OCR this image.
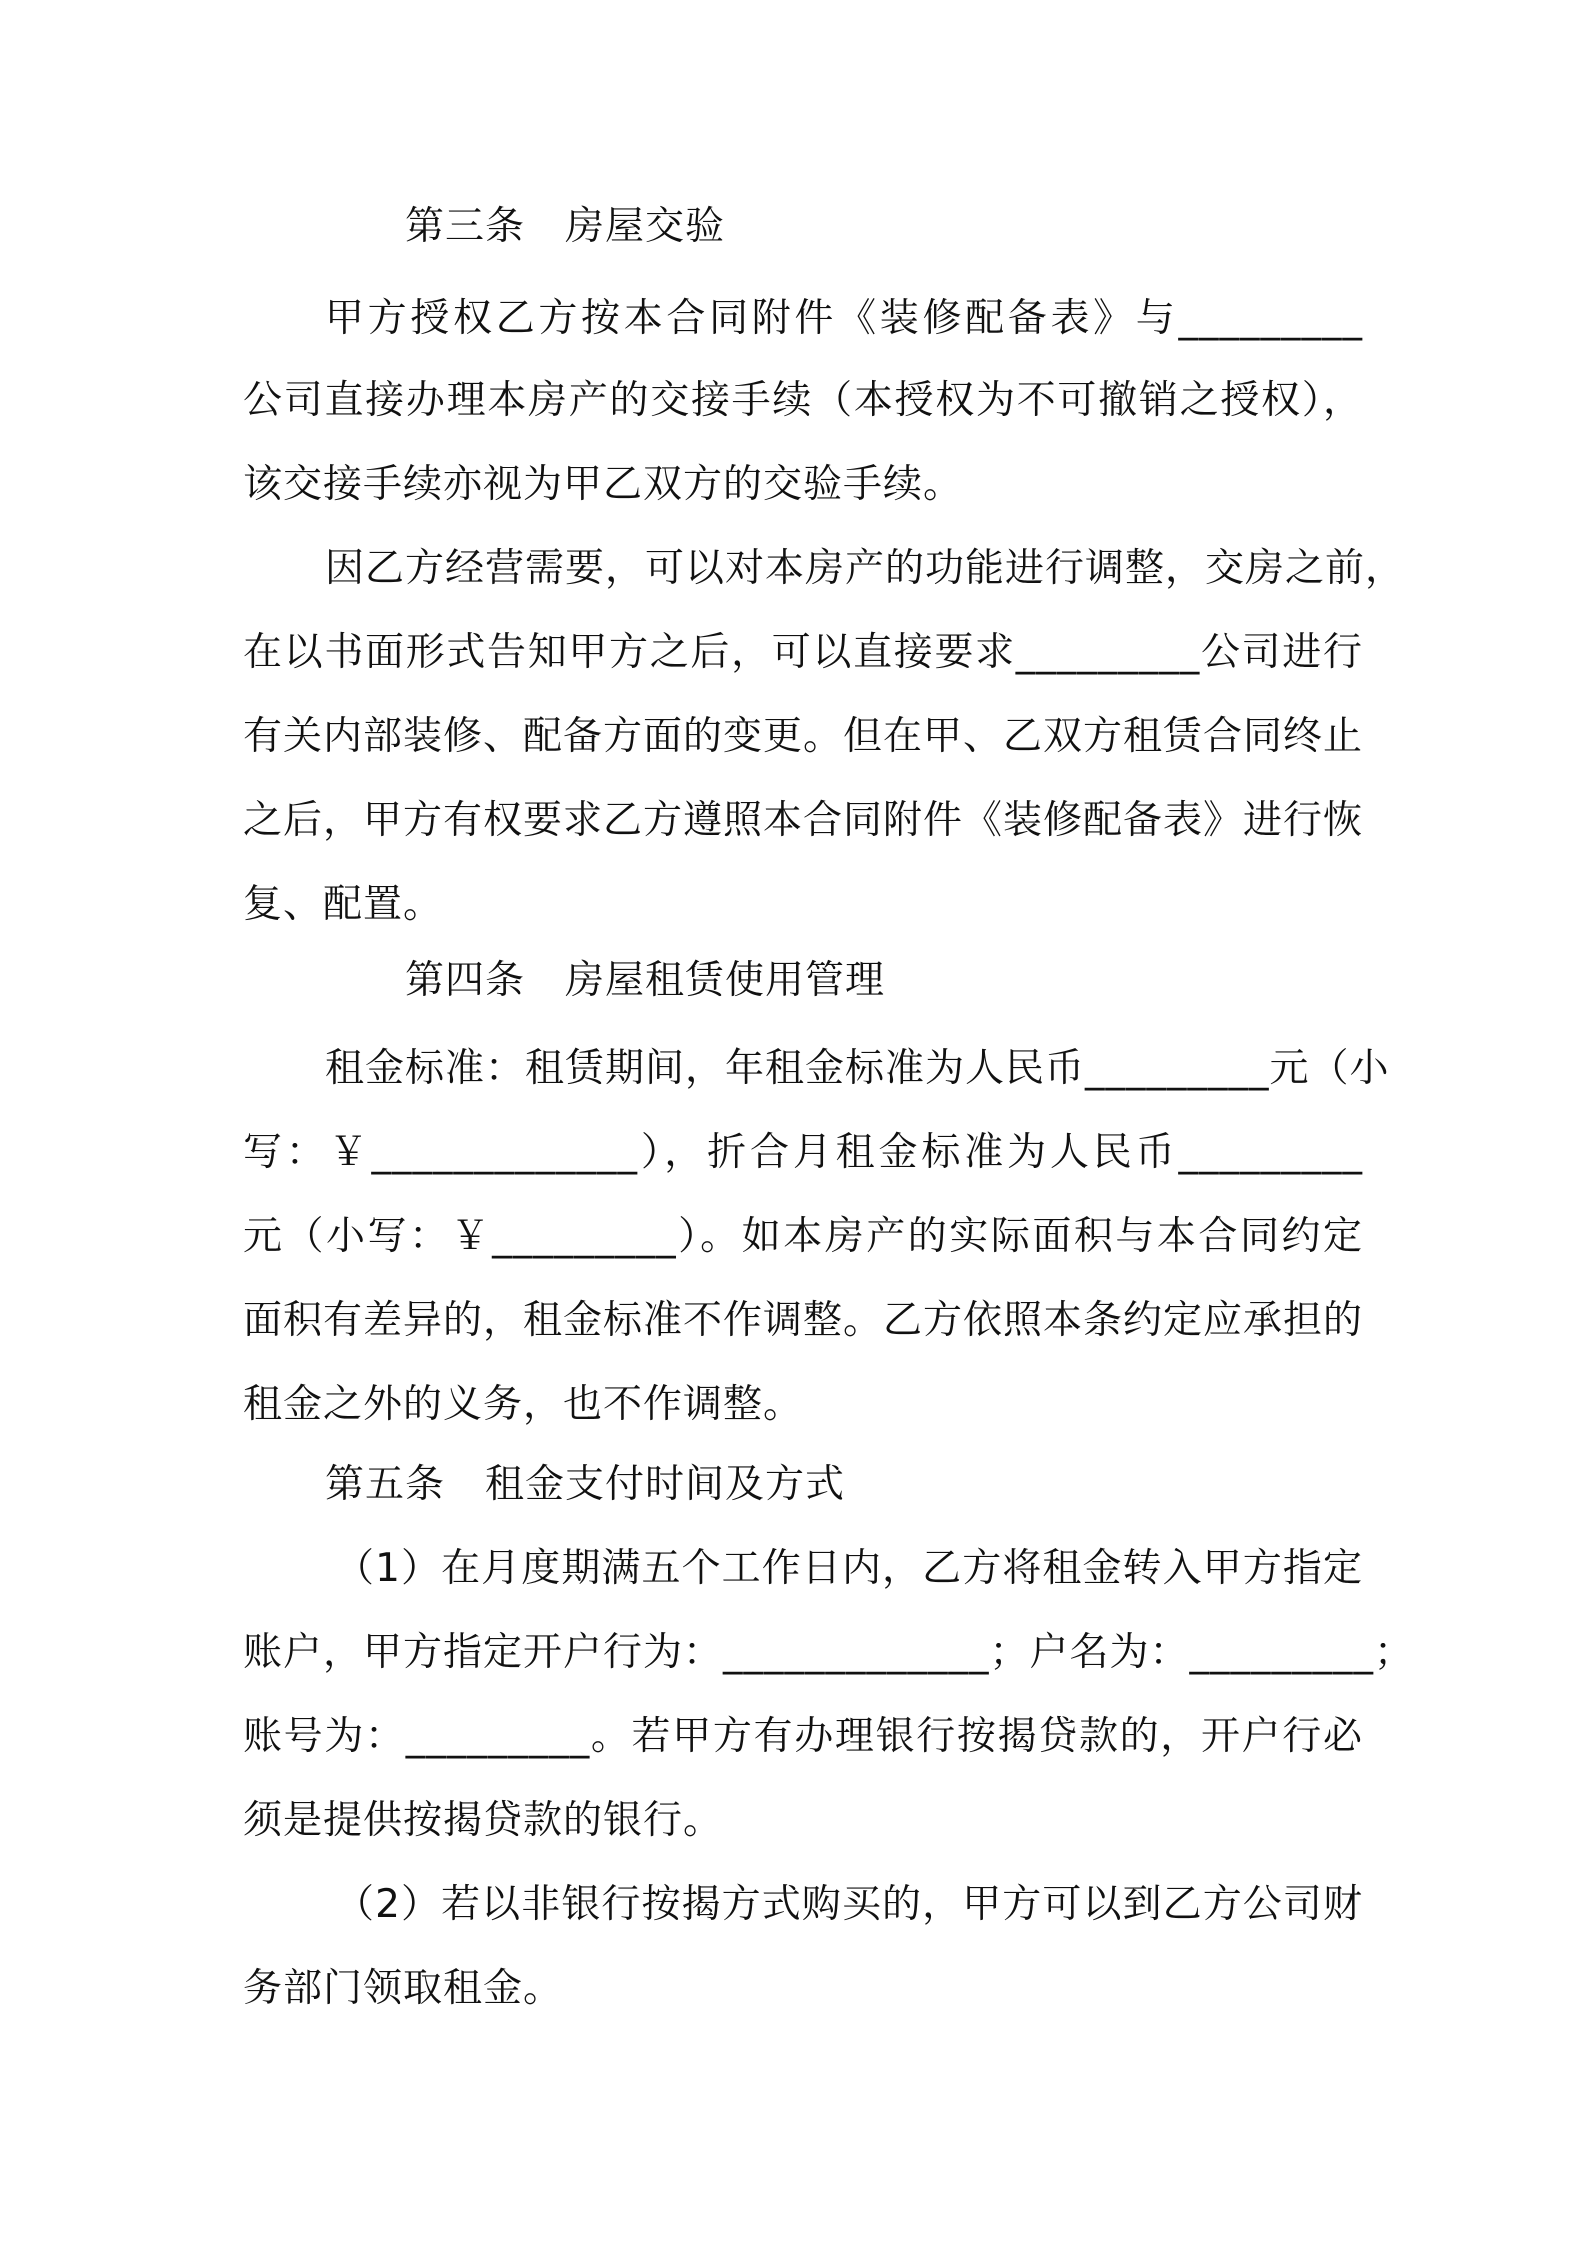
第三条　房屋交验
甲方授权乙方按本合同附件《装修配备表》与_________
公司直接办理本房产的交接手续（本授权为不可撤销之授权），
该交接手续亦视为甲乙双方的交验手续。
因乙方经营需要，可以对本房产的功能进行调整，交房之前，
在以书面形式告知甲方之后，可以直接要求_________公司进行
有关内部装修、配备方面的变更。但在甲、乙双方租赁合同终止
之后，甲方有权要求乙方遵照本合同附件《装修配备表》进行恢
复、配置。
第四条　房屋租赁使用管理
租金标准：租赁期间，年租金标准为人民币_________元（小
写：￥_____________），折合月租金标准为人民币_________
元（小写：￥_________）。如本房产的实际面积与本合同约定
面积有差异的，租金标准不作调整。乙方依照本条约定应承担的
租金之外的义务，也不作调整。
第五条　租金支付时间及方式
（1）在月度期满五个工作日内，乙方将租金转入甲方指定
账户，甲方指定开户行为：_____________；户名为：_________；
账号为：_________。若甲方有办理银行按揭贷款的，开户行必
须是提供按揭贷款的银行。
（2）若以非银行按揭方式购买的，甲方可以到乙方公司财
务部门领取租金。
